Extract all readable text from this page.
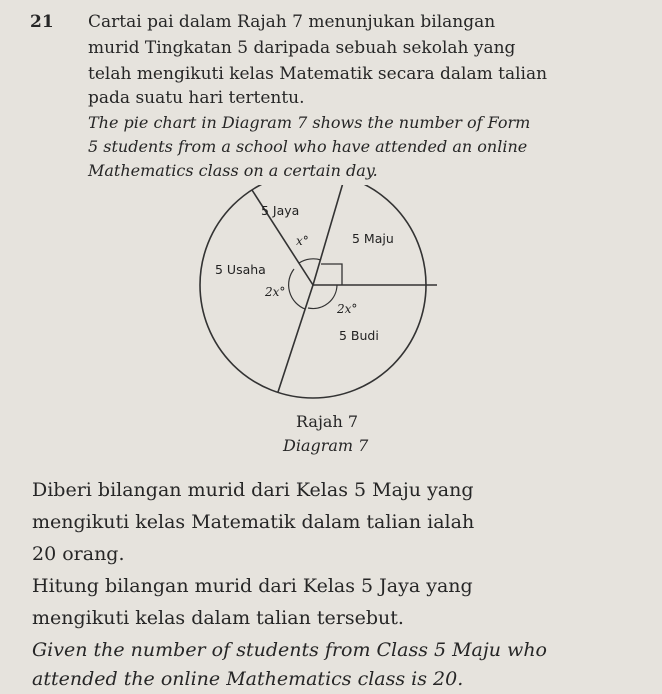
21 Cartai pai dalam Rajah 7 menunjukan bilangan
murid Tingkatan 5 daripada sebuah sekolah yang
telah mengikuti kelas Matematik secara dalam talian
pada suatu hari tertentu.
The pie chart in Diagram 7 shows the number of Form
5 students from a school who have attended an online
Mathematics class on a certain day.
5 Jaya
5 Maju
5 Usaha
5 Budi
x°
2x°
2x°
Rajah 7
Diagram 7
Diberi bilangan murid dari Kelas 5 Maju yang
mengikuti kelas Matematik dalam talian ialah
20 orang.
Hitung bilangan murid dari Kelas 5 Jaya yang
mengikuti kelas dalam talian tersebut.
Given the number of students from Class 5 Maju who
attended the online Mathematics class is 20.
